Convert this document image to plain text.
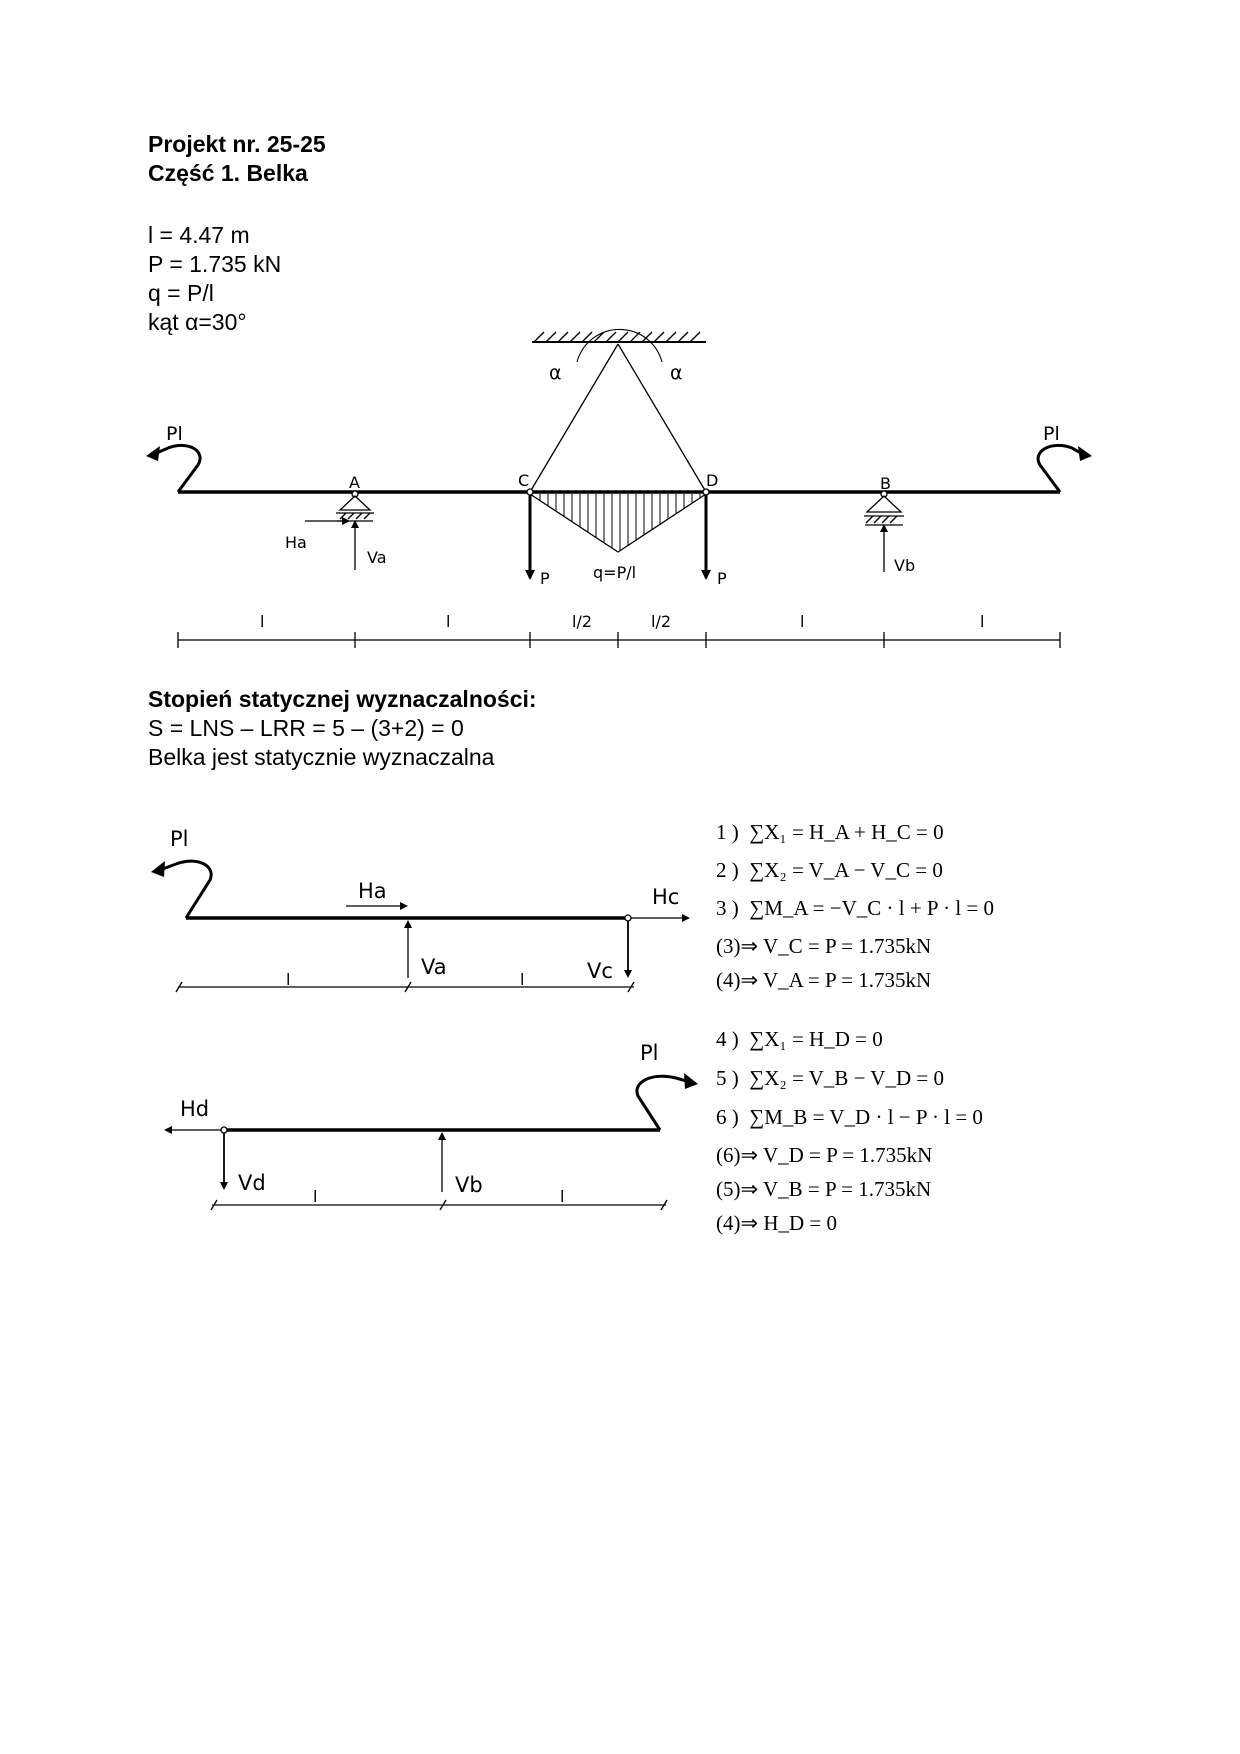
Projekt nr. 25-25
Część 1. Belka
l = 4.47 m
P = 1.735 kN
q = P/l
kąt α=30°
Pl	Pl
α	α
A	C	D	B
Ha
Va	Vb
P	P
q=P/l
l	l	l/2	l/2	l	l
Pl
Ha	Hc
Va	Vc
l	l
Pl
Hd
Vd	Vb
l	l
Stopień statycznej wyznaczalności:
S = LNS – LRR = 5 – (3+2) = 0
Belka jest statycznie wyznaczalna
1 ) ∑X₁ = H_A + H_C = 0
2 ) ∑X₂ = V_A − V_C = 0
3 ) ∑M_A = −V_C · l + P · l = 0
(3)⇒ V_C = P = 1.735kN
(4)⇒ V_A = P = 1.735kN
4 ) ∑X₁ = H_D = 0
5 ) ∑X₂ = V_B − V_D = 0
6 ) ∑M_B = V_D · l − P · l = 0
(6)⇒ V_D = P = 1.735kN
(5)⇒ V_B = P = 1.735kN
(4)⇒ H_D = 0
